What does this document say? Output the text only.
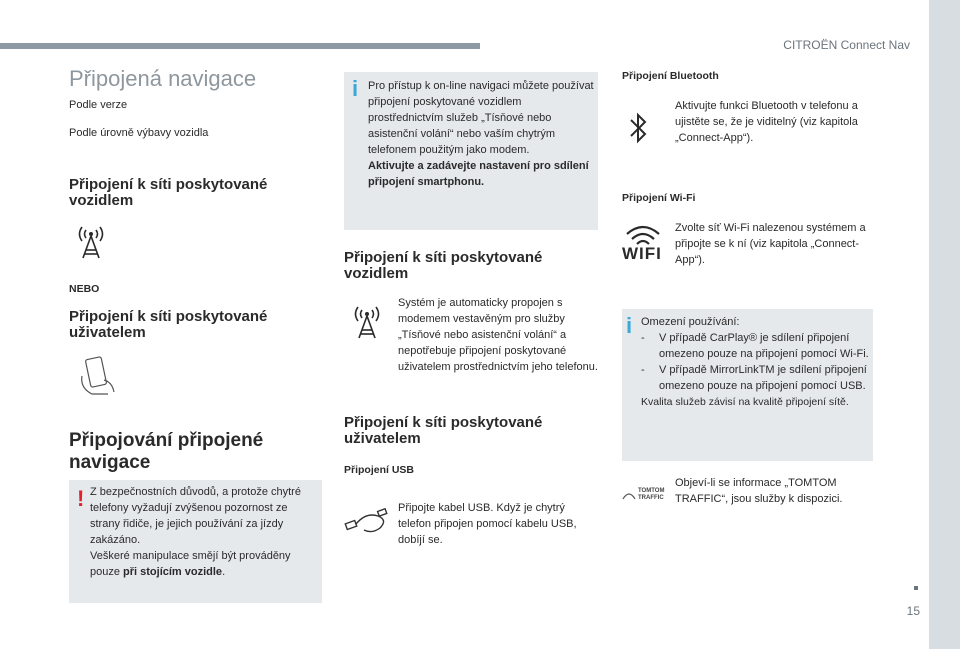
CITROËN Connect Nav
15
Připojená navigace
Podle verze
Podle úrovně výbavy vozidla
Připojení k síti poskytované vozidlem
NEBO
Připojení k síti poskytované uživatelem
Připojování připojené navigace
! Z bezpečnostních důvodů, a protože chytré telefony vyžadují zvýšenou pozornost ze strany řidiče, je jejich používání za jízdy zakázáno.
Veškeré manipulace smějí být prováděny pouze při stojícím vozidle.
i Pro přístup k on-line navigaci můžete používat připojení poskytované vozidlem prostřednictvím služeb „Tísňové nebo asistenční volání“ nebo vaším chytrým telefonem použitým jako modem.
Aktivujte a zadávejte nastavení pro sdílení připojení smartphonu.
Připojení k síti poskytované vozidlem
Systém je automaticky propojen s modemem vestavěným pro služby „Tísňové nebo asistenční volání“ a nepotřebuje připojení poskytované uživatelem prostřednictvím jeho telefonu.
Připojení k síti poskytované uživatelem
Připojení USB
Připojte kabel USB. Když je chytrý telefon připojen pomocí kabelu USB, dobíjí se.
Připojení Bluetooth
Aktivujte funkci Bluetooth v telefonu a ujistěte se, že je viditelný (viz kapitola „Connect-App“).
Připojení Wi-Fi
WIFI
Zvolte síť Wi-Fi nalezenou systémem a připojte se k ní (viz kapitola „Connect-App“).
i Omezení používání:
-	V případě CarPlay® je sdílení připojení omezeno pouze na připojení pomocí Wi-Fi.
-	V případě MirrorLinkTM je sdílení připojení omezeno pouze na připojení pomocí USB.
Kvalita služeb závisí na kvalitě připojení sítě.
TOMTOM
TRAFFIC
Objeví-li se informace „TOMTOM TRAFFIC“, jsou služby k dispozici.
